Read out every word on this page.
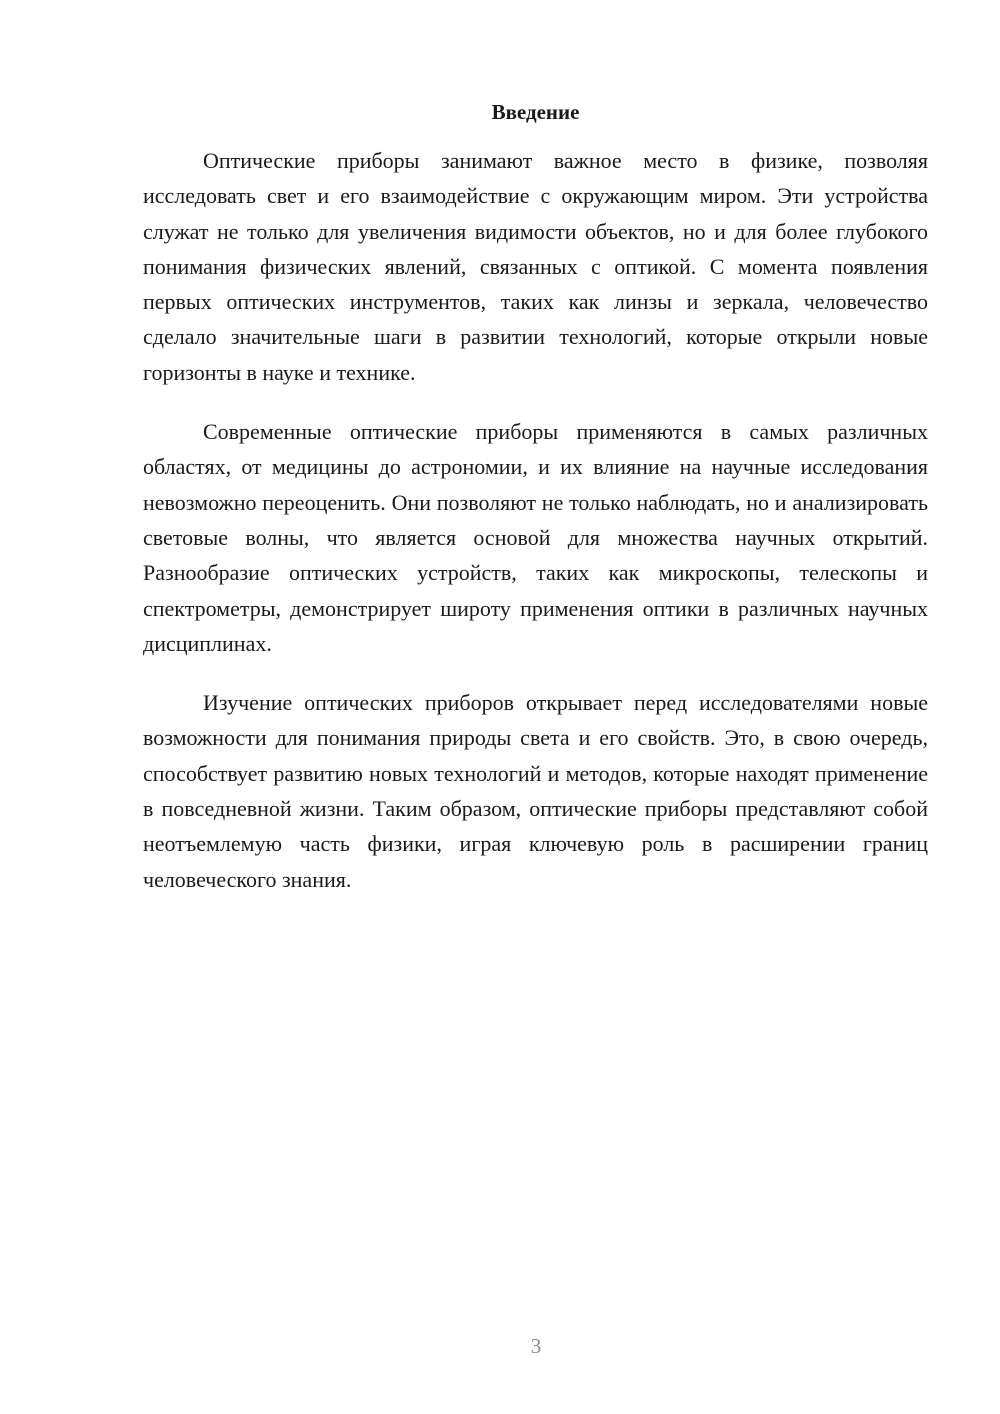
Введение

Оптические приборы занимают важное место в физике, позволяя исследовать свет и его взаимодействие с окружающим миром. Эти устройства служат не только для увеличения видимости объектов, но и для более глубокого понимания физических явлений, связанных с оптикой. С момента появления первых оптических инструментов, таких как линзы и зеркала, человечество сделало значительные шаги в развитии технологий, которые открыли новые горизонты в науке и технике.

Современные оптические приборы применяются в самых различных областях, от медицины до астрономии, и их влияние на научные исследования невозможно переоценить. Они позволяют не только наблюдать, но и анализировать световые волны, что является основой для множества научных открытий. Разнообразие оптических устройств, таких как микроскопы, телескопы и спектрометры, демонстрирует широту применения оптики в различных научных дисциплинах.

Изучение оптических приборов открывает перед исследователями новые возможности для понимания природы света и его свойств. Это, в свою очередь, способствует развитию новых технологий и методов, которые находят применение в повседневной жизни. Таким образом, оптические приборы представляют собой неотъемлемую часть физики, играя ключевую роль в расширении границ человеческого знания.

3
